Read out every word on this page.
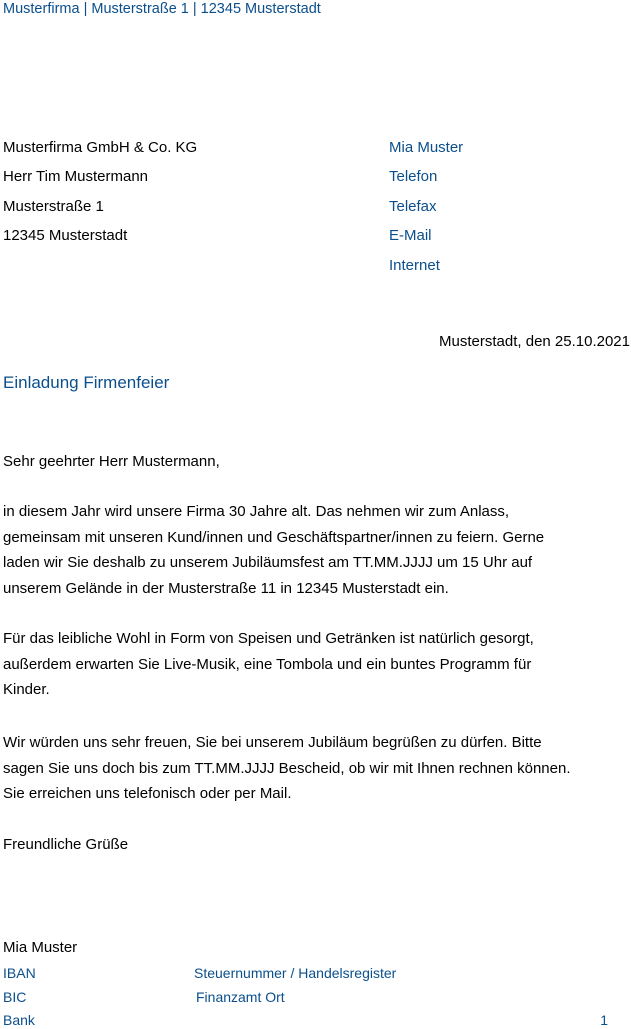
Musterfirma | Musterstraße 1 | 12345 Musterstadt
Musterfirma GmbH & Co. KG
Herr Tim Mustermann
Musterstraße 1
12345 Musterstadt
Mia Muster
Telefon
Telefax
E-Mail
Internet
Musterstadt, den 25.10.2021
Einladung Firmenfeier
Sehr geehrter Herr Mustermann,
in diesem Jahr wird unsere Firma 30 Jahre alt. Das nehmen wir zum Anlass,
gemeinsam mit unseren Kund/innen und Geschäftspartner/innen zu feiern. Gerne
laden wir Sie deshalb zu unserem Jubiläumsfest am TT.MM.JJJJ um 15 Uhr auf
unserem Gelände in der Musterstraße 11 in 12345 Musterstadt ein.
Für das leibliche Wohl in Form von Speisen und Getränken ist natürlich gesorgt,
außerdem erwarten Sie Live-Musik, eine Tombola und ein buntes Programm für
Kinder.
Wir würden uns sehr freuen, Sie bei unserem Jubiläum begrüßen zu dürfen. Bitte
sagen Sie uns doch bis zum TT.MM.JJJJ Bescheid, ob wir mit Ihnen rechnen können.
Sie erreichen uns telefonisch oder per Mail.
Freundliche Grüße
Mia Muster
IBAN
BIC
Bank
Steuernummer / Handelsregister
Finanzamt Ort
1
